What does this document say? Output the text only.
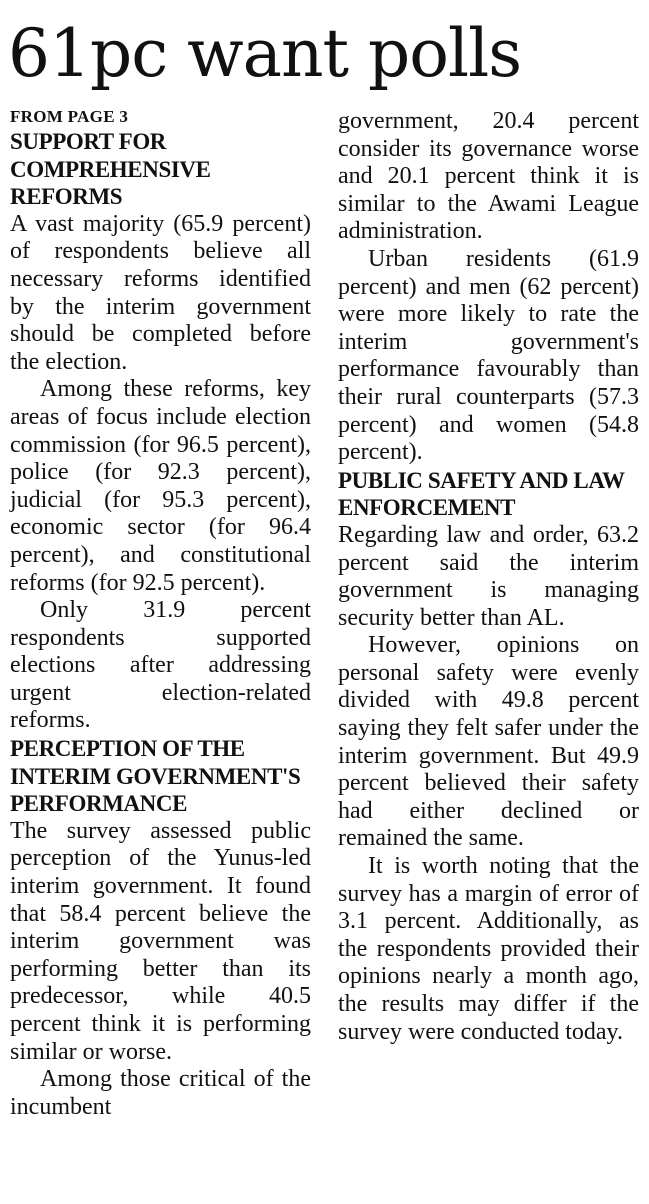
61pc want polls
FROM PAGE 3
SUPPORT FOR COMPREHENSIVE REFORMS

A vast majority (65.9 percent) of respondents believe all necessary reforms identified by the interim government should be completed before the election.

Among these reforms, key areas of focus include election commission (for 96.5 percent), police (for 92.3 percent), judicial (for 95.3 percent), economic sector (for 96.4 percent), and constitutional reforms (for 92.5 percent).

Only 31.9 percent respondents supported elections after addressing urgent election-related reforms.

PERCEPTION OF THE INTERIM GOVERNMENT'S PERFORMANCE

The survey assessed public perception of the Yunus-led interim government. It found that 58.4 percent believe the interim government was performing better than its predecessor, while 40.5 percent think it is performing similar or worse.

Among those critical of the incumbent

government, 20.4 percent consider its governance worse and 20.1 percent think it is similar to the Awami League administration.

Urban residents (61.9 percent) and men (62 percent) were more likely to rate the interim government's performance favourably than their rural counterparts (57.3 percent) and women (54.8 percent).

PUBLIC SAFETY AND LAW ENFORCEMENT

Regarding law and order, 63.2 percent said the interim government is managing security better than AL.

However, opinions on personal safety were evenly divided with 49.8 percent saying they felt safer under the interim government. But 49.9 percent believed their safety had either declined or remained the same.

It is worth noting that the survey has a margin of error of 3.1 percent. Additionally, as the respondents provided their opinions nearly a month ago, the results may differ if the survey were conducted today.
